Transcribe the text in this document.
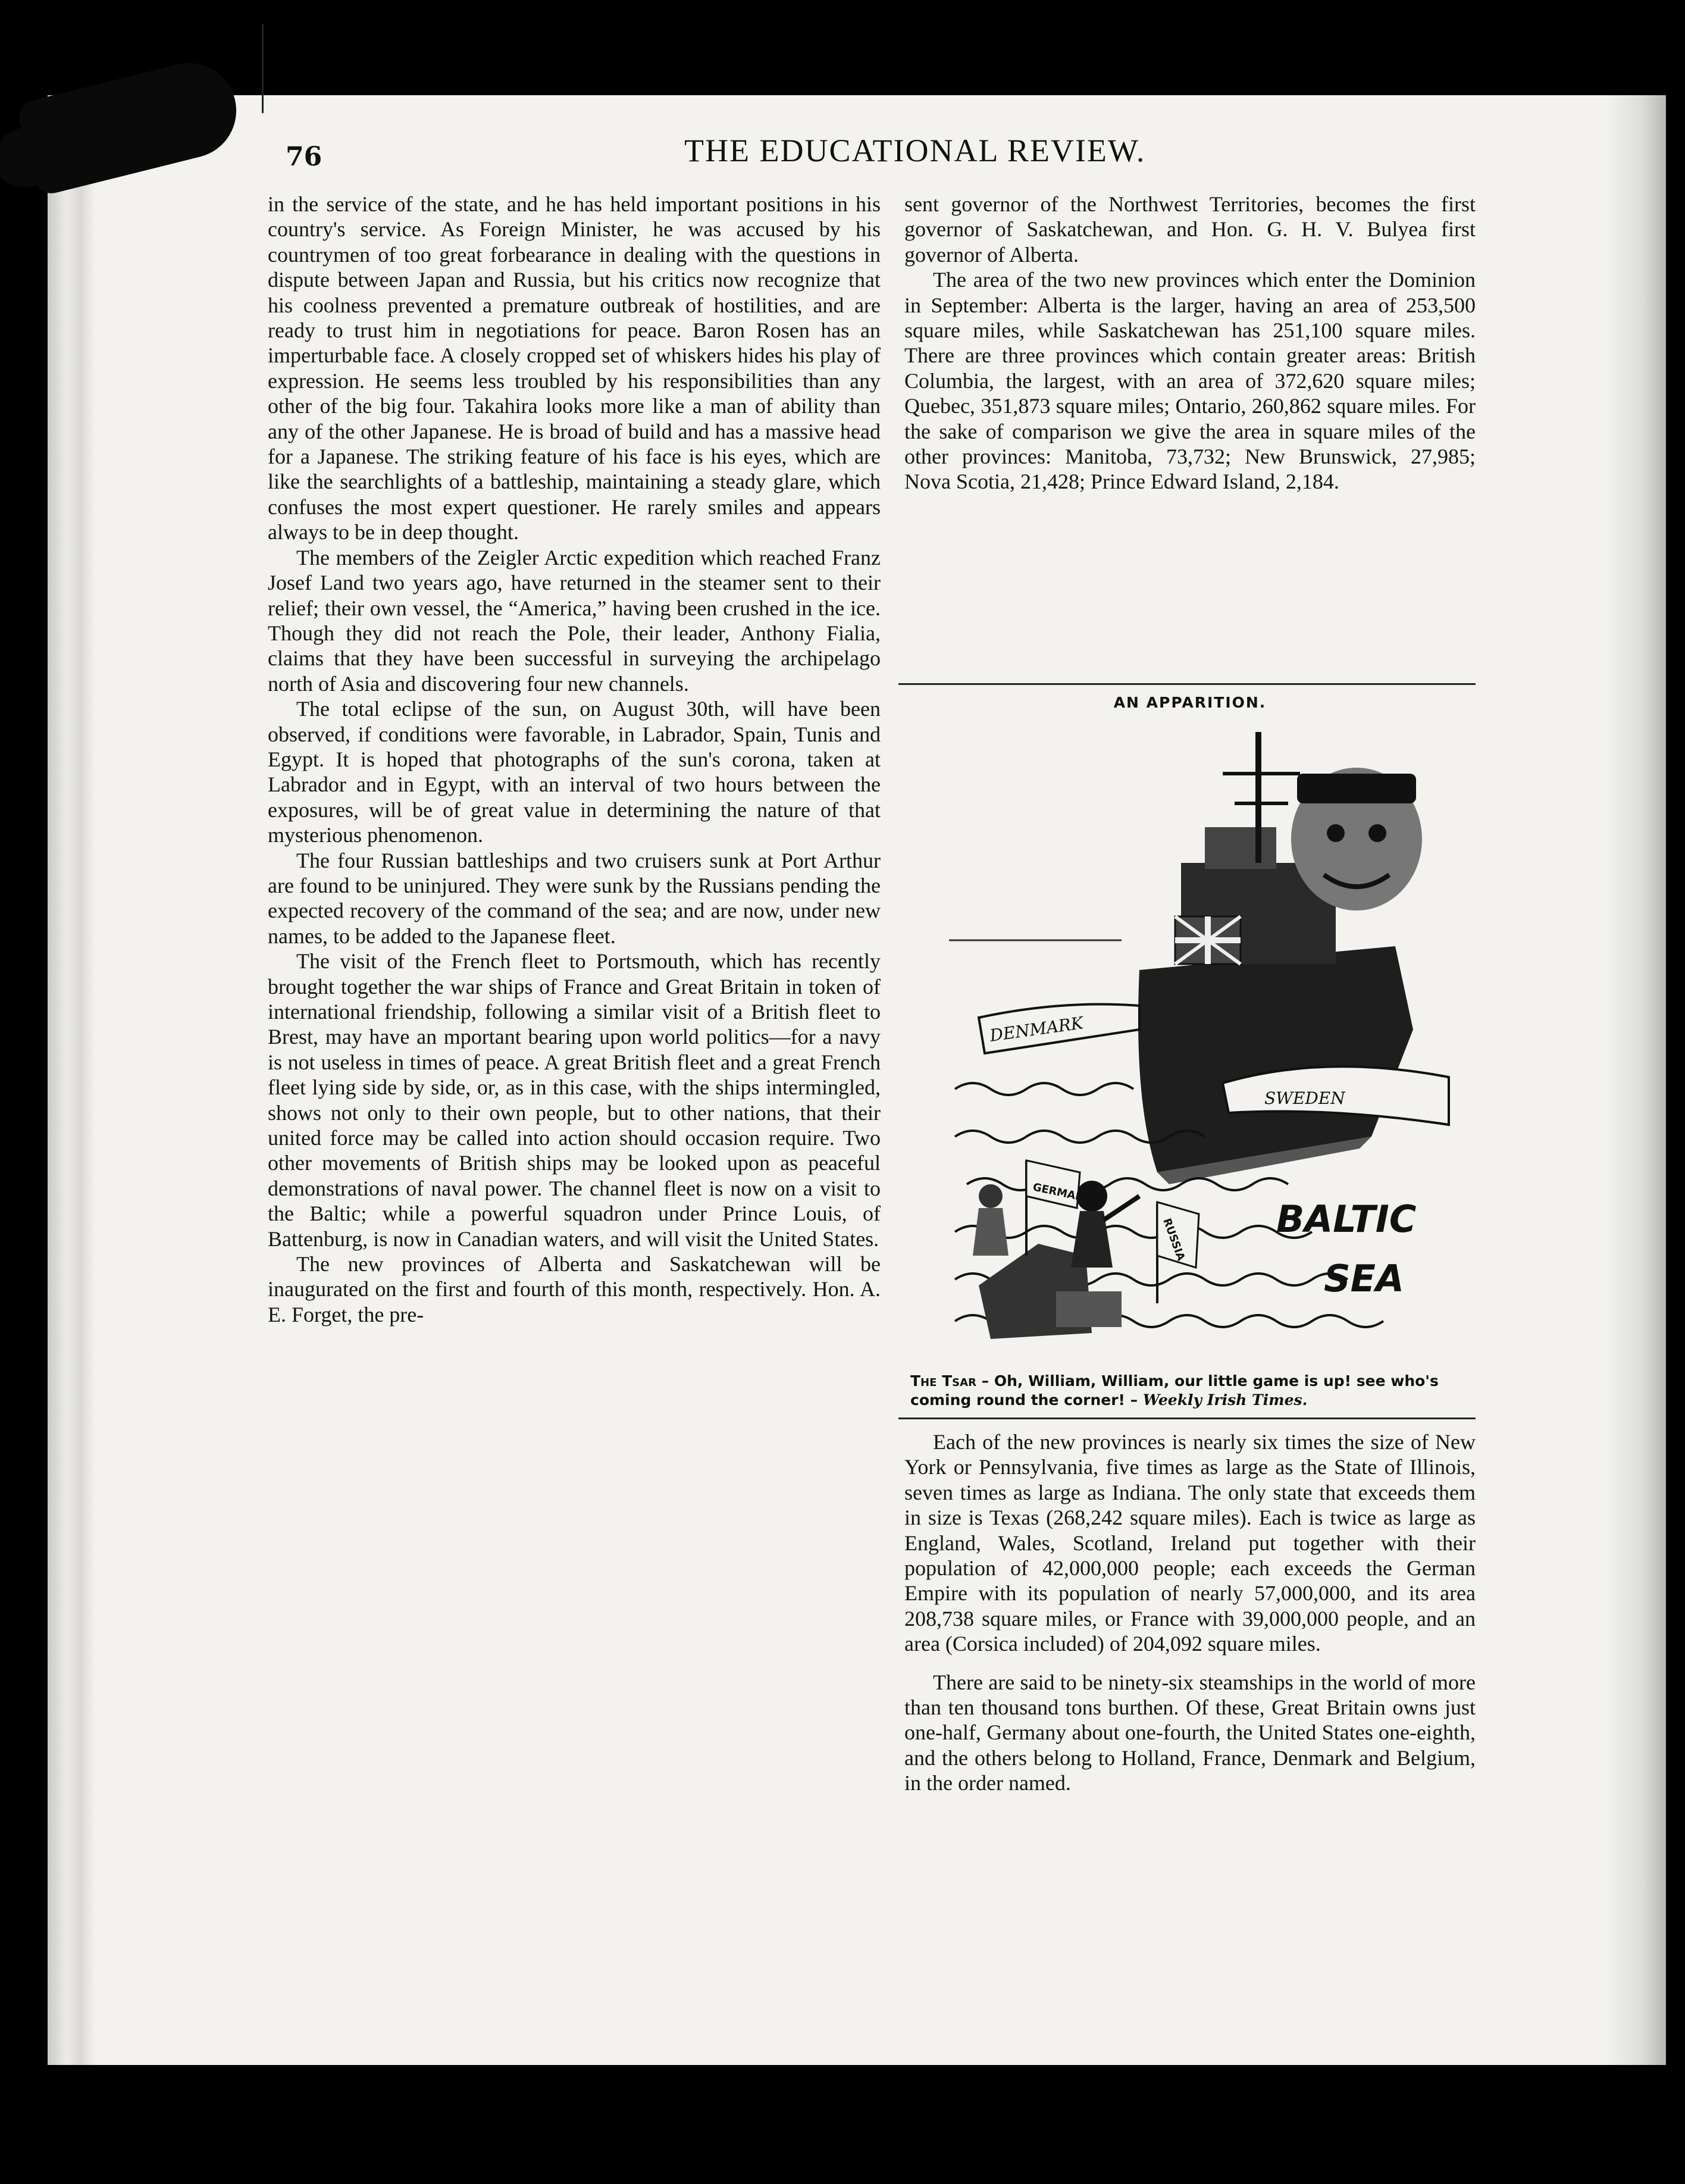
76	THE EDUCATIONAL REVIEW.

in the service of the state, and he has held important positions in his country's service. As Foreign Minister, he was accused by his countrymen of too great forbearance in dealing with the questions in dispute between Japan and Russia, but his critics now recognize that his coolness prevented a premature outbreak of hostilities, and are ready to trust him in negotiations for peace. Baron Rosen has an imperturbable face. A closely cropped set of whiskers hides his play of expression. He seems less troubled by his responsibilities than any other of the big four. Takahira looks more like a man of ability than any of the other Japanese. He is broad of build and has a massive head for a Japanese. The striking feature of his face is his eyes, which are like the searchlights of a battleship, maintaining a steady glare, which confuses the most expert questioner. He rarely smiles and appears always to be in deep thought.

The members of the Zeigler Arctic expedition which reached Franz Josef Land two years ago, have returned in the steamer sent to their relief; their own vessel, the “America,” having been crushed in the ice. Though they did not reach the Pole, their leader, Anthony Fialia, claims that they have been successful in surveying the archipelago north of Asia and discovering four new channels.

The total eclipse of the sun, on August 30th, will have been observed, if conditions were favorable, in Labrador, Spain, Tunis and Egypt. It is hoped that photographs of the sun's corona, taken at Labrador and in Egypt, with an interval of two hours between the exposures, will be of great value in determining the nature of that mysterious phenomenon.

The four Russian battleships and two cruisers sunk at Port Arthur are found to be uninjured. They were sunk by the Russians pending the expected recovery of the command of the sea; and are now, under new names, to be added to the Japanese fleet.

The visit of the French fleet to Portsmouth, which has recently brought together the war ships of France and Great Britain in token of international friendship, following a similar visit of a British fleet to Brest, may have an mportant bearing upon world politics—for a navy is not useless in times of peace. A great British fleet and a great French fleet lying side by side, or, as in this case, with the ships intermingled, shows not only to their own people, but to other nations, that their united force may be called into action should occasion require. Two other movements of British ships may be looked upon as peaceful demonstrations of naval power. The channel fleet is now on a visit to the Baltic; while a powerful squadron under Prince Louis, of Battenburg, is now in Canadian waters, and will visit the United States.

The new provinces of Alberta and Saskatchewan will be inaugurated on the first and fourth of this month, respectively. Hon. A. E. Forget, the pre-

sent governor of the Northwest Territories, becomes the first governor of Saskatchewan, and Hon. G. H. V. Bulyea first governor of Alberta.

The area of the two new provinces which enter the Dominion in September: Alberta is the larger, having an area of 253,500 square miles, while Saskatchewan has 251,100 square miles. There are three provinces which contain greater areas: British Columbia, the largest, with an area of 372,620 square miles; Quebec, 351,873 square miles; Ontario, 260,862 square miles. For the sake of comparison we give the area in square miles of the other provinces: Manitoba, 73,732; New Brunswick, 27,985; Nova Scotia, 21,428; Prince Edward Island, 2,184.

AN APPARITION.
DENMARK
SWEDEN
BALTIC
SEA
GERMAN
RUSSIA
The Tsar – Oh, William, William, our little game is up! see who's coming round the corner! – Weekly Irish Times.

Each of the new provinces is nearly six times the size of New York or Pennsylvania, five times as large as the State of Illinois, seven times as large as Indiana. The only state that exceeds them in size is Texas (268,242 square miles). Each is twice as large as England, Wales, Scotland, Ireland put together with their population of 42,000,000 people; each exceeds the German Empire with its population of nearly 57,000,000, and its area 208,738 square miles, or France with 39,000,000 people, and an area (Corsica included) of 204,092 square miles.

There are said to be ninety-six steamships in the world of more than ten thousand tons burthen. Of these, Great Britain owns just one-half, Germany about one-fourth, the United States one-eighth, and the others belong to Holland, France, Denmark and Belgium, in the order named.
